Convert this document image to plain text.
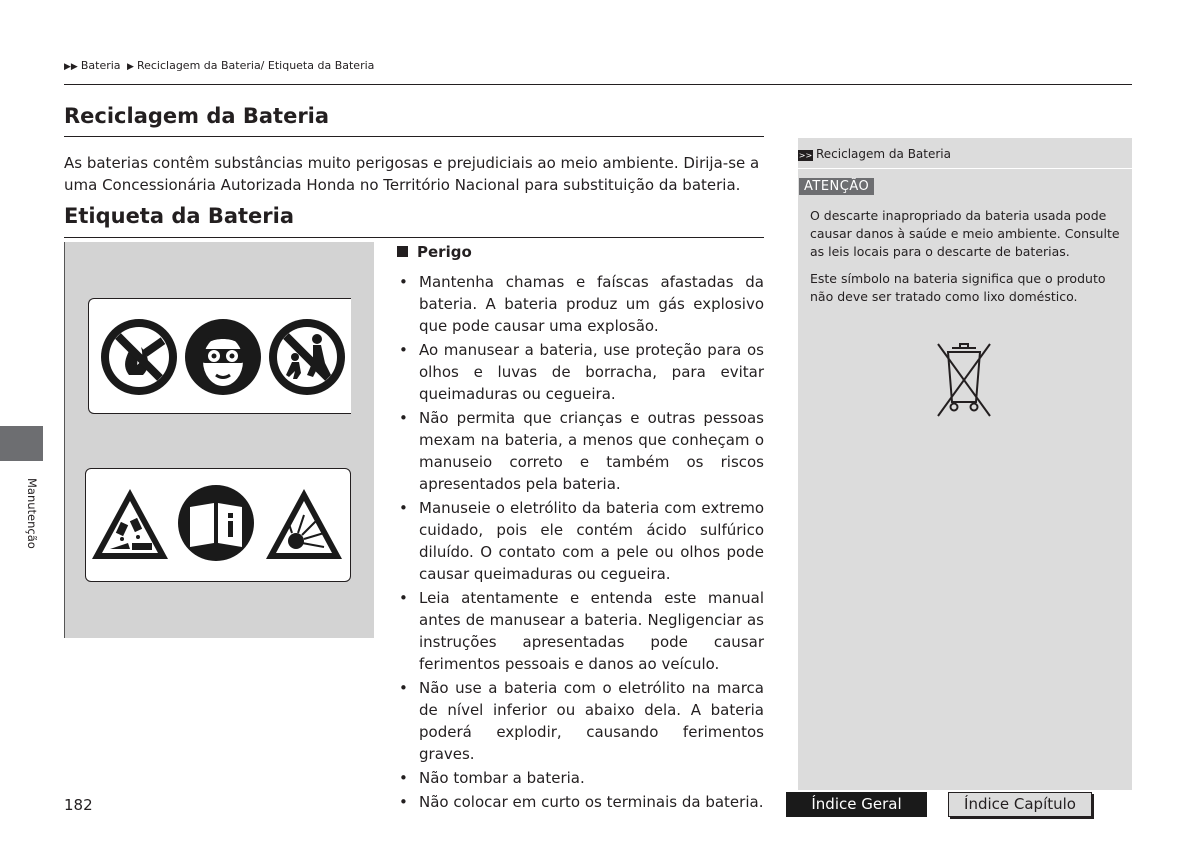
▶▶ Bateria ▶ Reciclagem da Bateria/ Etiqueta da Bateria
Reciclagem da Bateria
As baterias contêm substâncias muito perigosas e prejudiciais ao meio ambiente. Dirija-se a uma Concessionária Autorizada Honda no Território Nacional para substituição da bateria.
Etiqueta da Bateria
Perigo
• Mantenha chamas e faíscas afastadas da bateria. A bateria produz um gás explosivo que pode causar uma explosão.
• Ao manusear a bateria, use proteção para os olhos e luvas de borracha, para evitar queimaduras ou cegueira.
• Não permita que crianças e outras pessoas mexam na bateria, a menos que conheçam o manuseio correto e também os riscos apresentados pela bateria.
• Manuseie o eletrólito da bateria com extremo cuidado, pois ele contém ácido sulfúrico diluído. O contato com a pele ou olhos pode causar queimaduras ou cegueira.
• Leia atentamente e entenda este manual antes de manusear a bateria. Negligenciar as instruções apresentadas pode causar ferimentos pessoais e danos ao veículo.
• Não use a bateria com o eletrólito na marca de nível inferior ou abaixo dela. A bateria poderá explodir, causando ferimentos graves.
• Não tombar a bateria.
• Não colocar em curto os terminais da bateria.
>> Reciclagem da Bateria
ATENÇÃO

O descarte inapropriado da bateria usada pode causar danos à saúde e meio ambiente. Consulte as leis locais para o descarte de baterias.

Este símbolo na bateria significa que o produto não deve ser tratado como lixo doméstico.

Manutenção
182	Índice Geral	Índice Capítulo
